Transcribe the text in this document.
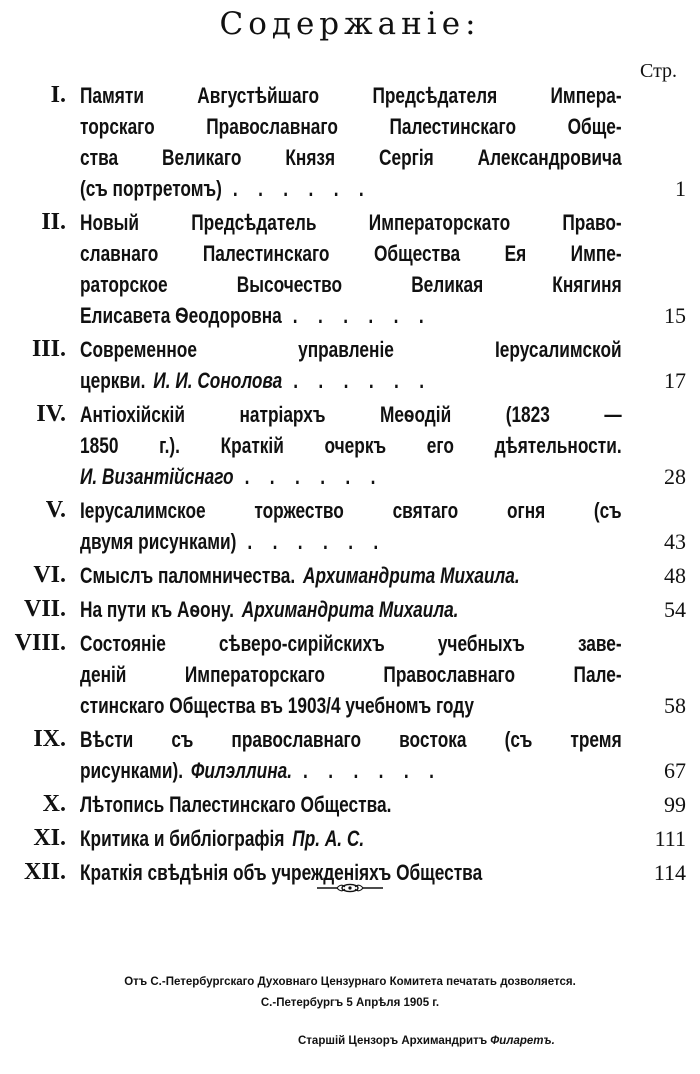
Содержаніе:
Стр.
I. Памяти Августѣйшаго Предсѣдателя Импера-
торскаго Православнаго Палестинскаго Обще-
ства Великаго Князя Сергія Александровича
(съ портретомъ) ......	1
II. Новый Предсѣдатель Императорскато Право-
славнаго Палестинскаго Общества Ея Импе-
раторское Высочество Великая Княгиня
Елисавета Ѳеодоровна ......	15
III. Современное управленіе Іерусалимской
церкви. И. И. Сонолова ......	17
IV. Антіохійскій натріархъ Меѳодій (1823 —
1850 г.). Краткій очеркъ его дѣятельности.
И. Византійснаго ......	28
V. Іерусалимское торжество святаго огня (съ
двумя рисунками) ......	43
VI. Смыслъ паломничества. Архимандрита Михаила.	48
VII. На пути къ Аѳону. Архимандрита Михаила.	54
VIII. Состояніе сѣверо-сирійскихъ учебныхъ заве-
деній Императорскаго Православнаго Пале-
стинскаго Общества въ 1903/4 учебномъ году	58
IX. Вѣсти съ православнаго востока (съ тремя
рисунками). Филэллина. ......	67
X. Лѣтопись Палестинскаго Общества.	99
XI. Критика и библіографія Пр. А. С.	111
XII. Краткія свѣдѣнія объ учрежденіяхъ Общества	114
Отъ С.-Петербургскаго Духовнаго Цензурнаго Комитета печатать дозволяется.
С.-Петербургъ 5 Апрѣля 1905 г.
Старшій Цензоръ Архимандритъ Филаретъ.
